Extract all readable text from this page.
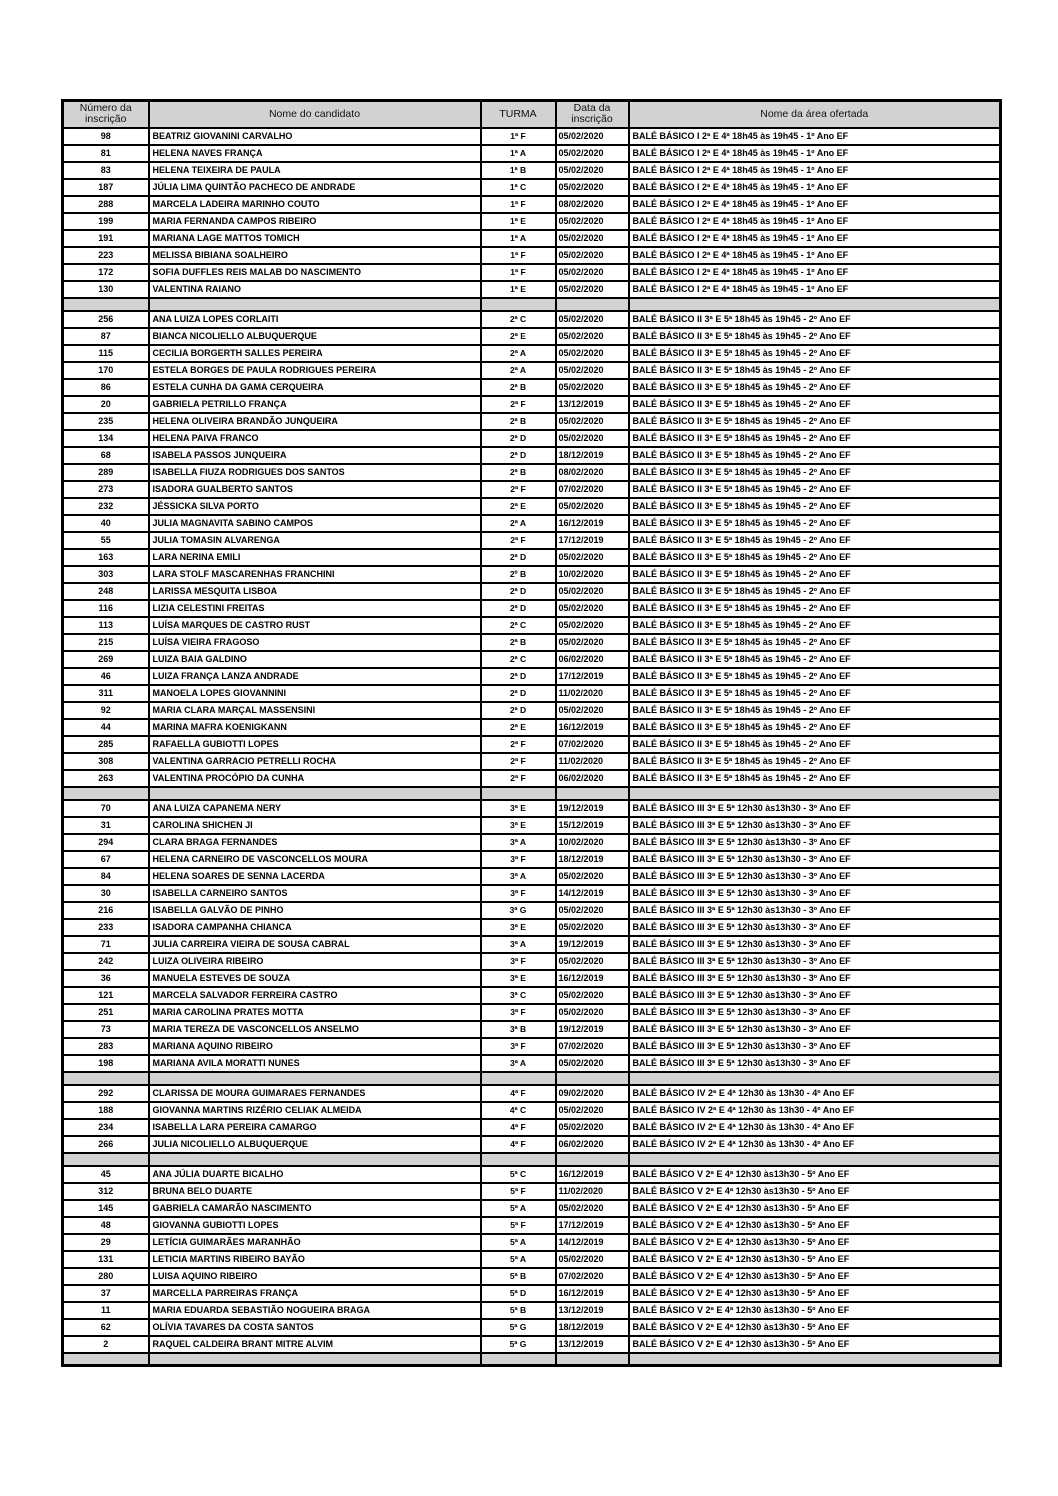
Número da inscrição	Nome do candidato	TURMA	Data da inscrição	Nome da área ofertada
98	BEATRIZ GIOVANINI CARVALHO	1ª F	05/02/2020	BALÉ BÁSICO I 2ª E 4ª 18h45 às 19h45 - 1º Ano EF
81	HELENA NAVES FRANÇA	1ª A	05/02/2020	BALÉ BÁSICO I 2ª E 4ª 18h45 às 19h45 - 1º Ano EF
83	HELENA TEIXEIRA DE PAULA	1ª B	05/02/2020	BALÉ BÁSICO I 2ª E 4ª 18h45 às 19h45 - 1º Ano EF
187	JÚLIA LIMA QUINTÃO PACHECO DE ANDRADE	1ª C	05/02/2020	BALÉ BÁSICO I 2ª E 4ª 18h45 às 19h45 - 1º Ano EF
288	MARCELA LADEIRA MARINHO COUTO	1ª F	08/02/2020	BALÉ BÁSICO I 2ª E 4ª 18h45 às 19h45 - 1º Ano EF
199	MARIA FERNANDA CAMPOS RIBEIRO	1ª E	05/02/2020	BALÉ BÁSICO I 2ª E 4ª 18h45 às 19h45 - 1º Ano EF
191	MARIANA LAGE MATTOS TOMICH	1ª A	05/02/2020	BALÉ BÁSICO I 2ª E 4ª 18h45 às 19h45 - 1º Ano EF
223	MELISSA BIBIANA SOALHEIRO	1ª F	05/02/2020	BALÉ BÁSICO I 2ª E 4ª 18h45 às 19h45 - 1º Ano EF
172	SOFIA DUFFLES REIS MALAB DO NASCIMENTO	1ª F	05/02/2020	BALÉ BÁSICO I 2ª E 4ª 18h45 às 19h45 - 1º Ano EF
130	VALENTINA RAIANO	1ª E	05/02/2020	BALÉ BÁSICO I 2ª E 4ª 18h45 às 19h45 - 1º Ano EF

256	ANA LUIZA LOPES CORLAITI	2ª C	05/02/2020	BALÉ BÁSICO II 3ª E 5ª 18h45 às 19h45 - 2º Ano EF
87	BIANCA NICOLIELLO ALBUQUERQUE	2ª E	05/02/2020	BALÉ BÁSICO II 3ª E 5ª 18h45 às 19h45 - 2º Ano EF
115	CECILIA BORGERTH SALLES PEREIRA	2ª A	05/02/2020	BALÉ BÁSICO II 3ª E 5ª 18h45 às 19h45 - 2º Ano EF
170	ESTELA BORGES DE PAULA RODRIGUES PEREIRA	2ª A	05/02/2020	BALÉ BÁSICO II 3ª E 5ª 18h45 às 19h45 - 2º Ano EF
86	ESTELA CUNHA DA GAMA CERQUEIRA	2ª B	05/02/2020	BALÉ BÁSICO II 3ª E 5ª 18h45 às 19h45 - 2º Ano EF
20	GABRIELA PETRILLO FRANÇA	2ª F	13/12/2019	BALÉ BÁSICO II 3ª E 5ª 18h45 às 19h45 - 2º Ano EF
235	HELENA OLIVEIRA BRANDÃO JUNQUEIRA	2ª B	05/02/2020	BALÉ BÁSICO II 3ª E 5ª 18h45 às 19h45 - 2º Ano EF
134	HELENA PAIVA FRANCO	2ª D	05/02/2020	BALÉ BÁSICO II 3ª E 5ª 18h45 às 19h45 - 2º Ano EF
68	ISABELA PASSOS JUNQUEIRA	2ª D	18/12/2019	BALÉ BÁSICO II 3ª E 5ª 18h45 às 19h45 - 2º Ano EF
289	ISABELLA FIUZA RODRIGUES DOS SANTOS	2ª B	08/02/2020	BALÉ BÁSICO II 3ª E 5ª 18h45 às 19h45 - 2º Ano EF
273	ISADORA GUALBERTO SANTOS	2ª F	07/02/2020	BALÉ BÁSICO II 3ª E 5ª 18h45 às 19h45 - 2º Ano EF
232	JÉSSICKA SILVA PORTO	2ª E	05/02/2020	BALÉ BÁSICO II 3ª E 5ª 18h45 às 19h45 - 2º Ano EF
40	JULIA MAGNAVITA SABINO CAMPOS	2ª A	16/12/2019	BALÉ BÁSICO II 3ª E 5ª 18h45 às 19h45 - 2º Ano EF
55	JULIA TOMASIN ALVARENGA	2ª F	17/12/2019	BALÉ BÁSICO II 3ª E 5ª 18h45 às 19h45 - 2º Ano EF
163	LARA NERINA EMILI	2ª D	05/02/2020	BALÉ BÁSICO II 3ª E 5ª 18h45 às 19h45 - 2º Ano EF
303	LARA STOLF MASCARENHAS FRANCHINI	2º B	10/02/2020	BALÉ BÁSICO II 3ª E 5ª 18h45 às 19h45 - 2º Ano EF
248	LARISSA MESQUITA LISBOA	2ª D	05/02/2020	BALÉ BÁSICO II 3ª E 5ª 18h45 às 19h45 - 2º Ano EF
116	LIZIA CELESTINI FREITAS	2ª D	05/02/2020	BALÉ BÁSICO II 3ª E 5ª 18h45 às 19h45 - 2º Ano EF
113	LUÍSA MARQUES DE CASTRO RUST	2ª C	05/02/2020	BALÉ BÁSICO II 3ª E 5ª 18h45 às 19h45 - 2º Ano EF
215	LUÍSA VIEIRA FRAGOSO	2ª B	05/02/2020	BALÉ BÁSICO II 3ª E 5ª 18h45 às 19h45 - 2º Ano EF
269	LUIZA BAIA GALDINO	2ª C	06/02/2020	BALÉ BÁSICO II 3ª E 5ª 18h45 às 19h45 - 2º Ano EF
46	LUIZA FRANÇA LANZA ANDRADE	2ª D	17/12/2019	BALÉ BÁSICO II 3ª E 5ª 18h45 às 19h45 - 2º Ano EF
311	MANOELA LOPES GIOVANNINI	2ª D	11/02/2020	BALÉ BÁSICO II 3ª E 5ª 18h45 às 19h45 - 2º Ano EF
92	MARIA CLARA MARÇAL MASSENSINI	2ª D	05/02/2020	BALÉ BÁSICO II 3ª E 5ª 18h45 às 19h45 - 2º Ano EF
44	MARINA MAFRA KOENIGKANN	2ª E	16/12/2019	BALÉ BÁSICO II 3ª E 5ª 18h45 às 19h45 - 2º Ano EF
285	RAFAELLA GUBIOTTI LOPES	2ª F	07/02/2020	BALÉ BÁSICO II 3ª E 5ª 18h45 às 19h45 - 2º Ano EF
308	VALENTINA GARRACIO PETRELLI ROCHA	2ª F	11/02/2020	BALÉ BÁSICO II 3ª E 5ª 18h45 às 19h45 - 2º Ano EF
263	VALENTINA PROCÓPIO DA CUNHA	2ª F	06/02/2020	BALÉ BÁSICO II 3ª E 5ª 18h45 às 19h45 - 2º Ano EF

70	ANA LUIZA CAPANEMA NERY	3ª E	19/12/2019	BALÉ BÁSICO III 3ª E 5ª 12h30 às13h30 - 3º Ano EF
31	CAROLINA SHICHEN JI	3ª E	15/12/2019	BALÉ BÁSICO III 3ª E 5ª 12h30 às13h30 - 3º Ano EF
294	CLARA BRAGA FERNANDES	3ª A	10/02/2020	BALÉ BÁSICO III 3ª E 5ª 12h30 às13h30 - 3º Ano EF
67	HELENA CARNEIRO DE VASCONCELLOS MOURA	3ª F	18/12/2019	BALÉ BÁSICO III 3ª E 5ª 12h30 às13h30 - 3º Ano EF
84	HELENA SOARES DE SENNA LACERDA	3ª A	05/02/2020	BALÉ BÁSICO III 3ª E 5ª 12h30 às13h30 - 3º Ano EF
30	ISABELLA CARNEIRO SANTOS	3ª F	14/12/2019	BALÉ BÁSICO III 3ª E 5ª 12h30 às13h30 - 3º Ano EF
216	ISABELLA GALVÃO DE PINHO	3ª G	05/02/2020	BALÉ BÁSICO III 3ª E 5ª 12h30 às13h30 - 3º Ano EF
233	ISADORA CAMPANHA CHIANCA	3ª E	05/02/2020	BALÉ BÁSICO III 3ª E 5ª 12h30 às13h30 - 3º Ano EF
71	JULIA CARREIRA VIEIRA DE SOUSA CABRAL	3ª A	19/12/2019	BALÉ BÁSICO III 3ª E 5ª 12h30 às13h30 - 3º Ano EF
242	LUIZA OLIVEIRA RIBEIRO	3ª F	05/02/2020	BALÉ BÁSICO III 3ª E 5ª 12h30 às13h30 - 3º Ano EF
36	MANUELA ESTEVES DE SOUZA	3ª E	16/12/2019	BALÉ BÁSICO III 3ª E 5ª 12h30 às13h30 - 3º Ano EF
121	MARCELA SALVADOR FERREIRA CASTRO	3ª C	05/02/2020	BALÉ BÁSICO III 3ª E 5ª 12h30 às13h30 - 3º Ano EF
251	MARIA CAROLINA PRATES MOTTA	3ª F	05/02/2020	BALÉ BÁSICO III 3ª E 5ª 12h30 às13h30 - 3º Ano EF
73	MARIA TEREZA DE VASCONCELLOS ANSELMO	3ª B	19/12/2019	BALÉ BÁSICO III 3ª E 5ª 12h30 às13h30 - 3º Ano EF
283	MARIANA AQUINO RIBEIRO	3ª F	07/02/2020	BALÉ BÁSICO III 3ª E 5ª 12h30 às13h30 - 3º Ano EF
198	MARIANA AVILA MORATTI NUNES	3ª A	05/02/2020	BALÉ BÁSICO III 3ª E 5ª 12h30 às13h30 - 3º Ano EF

292	CLARISSA DE MOURA GUIMARAES FERNANDES	4ª F	09/02/2020	BALÉ BÁSICO IV 2ª E 4ª 12h30 às 13h30 - 4º Ano EF
188	GIOVANNA MARTINS RIZÉRIO CELIAK ALMEIDA	4ª C	05/02/2020	BALÉ BÁSICO IV 2ª E 4ª 12h30 às 13h30 - 4º Ano EF
234	ISABELLA LARA PEREIRA CAMARGO	4ª F	05/02/2020	BALÉ BÁSICO IV 2ª E 4ª 12h30 às 13h30 - 4º Ano EF
266	JULIA NICOLIELLO ALBUQUERQUE	4ª F	06/02/2020	BALÉ BÁSICO IV 2ª E 4ª 12h30 às 13h30 - 4º Ano EF

45	ANA JÚLIA DUARTE BICALHO	5ª C	16/12/2019	BALÉ BÁSICO V 2ª E 4ª 12h30 às13h30 - 5º Ano EF
312	BRUNA BELO DUARTE	5ª F	11/02/2020	BALÉ BÁSICO V 2ª E 4ª 12h30 às13h30 - 5º Ano EF
145	GABRIELA CAMARÃO NASCIMENTO	5ª A	05/02/2020	BALÉ BÁSICO V 2ª E 4ª 12h30 às13h30 - 5º Ano EF
48	GIOVANNA GUBIOTTI LOPES	5ª F	17/12/2019	BALÉ BÁSICO V 2ª E 4ª 12h30 às13h30 - 5º Ano EF
29	LETÍCIA GUIMARÃES MARANHÃO	5ª A	14/12/2019	BALÉ BÁSICO V 2ª E 4ª 12h30 às13h30 - 5º Ano EF
131	LETICIA MARTINS RIBEIRO BAYÃO	5ª A	05/02/2020	BALÉ BÁSICO V 2ª E 4ª 12h30 às13h30 - 5º Ano EF
280	LUISA AQUINO RIBEIRO	5ª B	07/02/2020	BALÉ BÁSICO V 2ª E 4ª 12h30 às13h30 - 5º Ano EF
37	MARCELLA PARREIRAS FRANÇA	5ª D	16/12/2019	BALÉ BÁSICO V 2ª E 4ª 12h30 às13h30 - 5º Ano EF
11	MARIA EDUARDA SEBASTIÃO NOGUEIRA BRAGA	5ª B	13/12/2019	BALÉ BÁSICO V 2ª E 4ª 12h30 às13h30 - 5º Ano EF
62	OLÍVIA TAVARES DA COSTA SANTOS	5ª G	18/12/2019	BALÉ BÁSICO V 2ª E 4ª 12h30 às13h30 - 5º Ano EF
2	RAQUEL CALDEIRA BRANT MITRE ALVIM	5ª G	13/12/2019	BALÉ BÁSICO V 2ª E 4ª 12h30 às13h30 - 5º Ano EF
